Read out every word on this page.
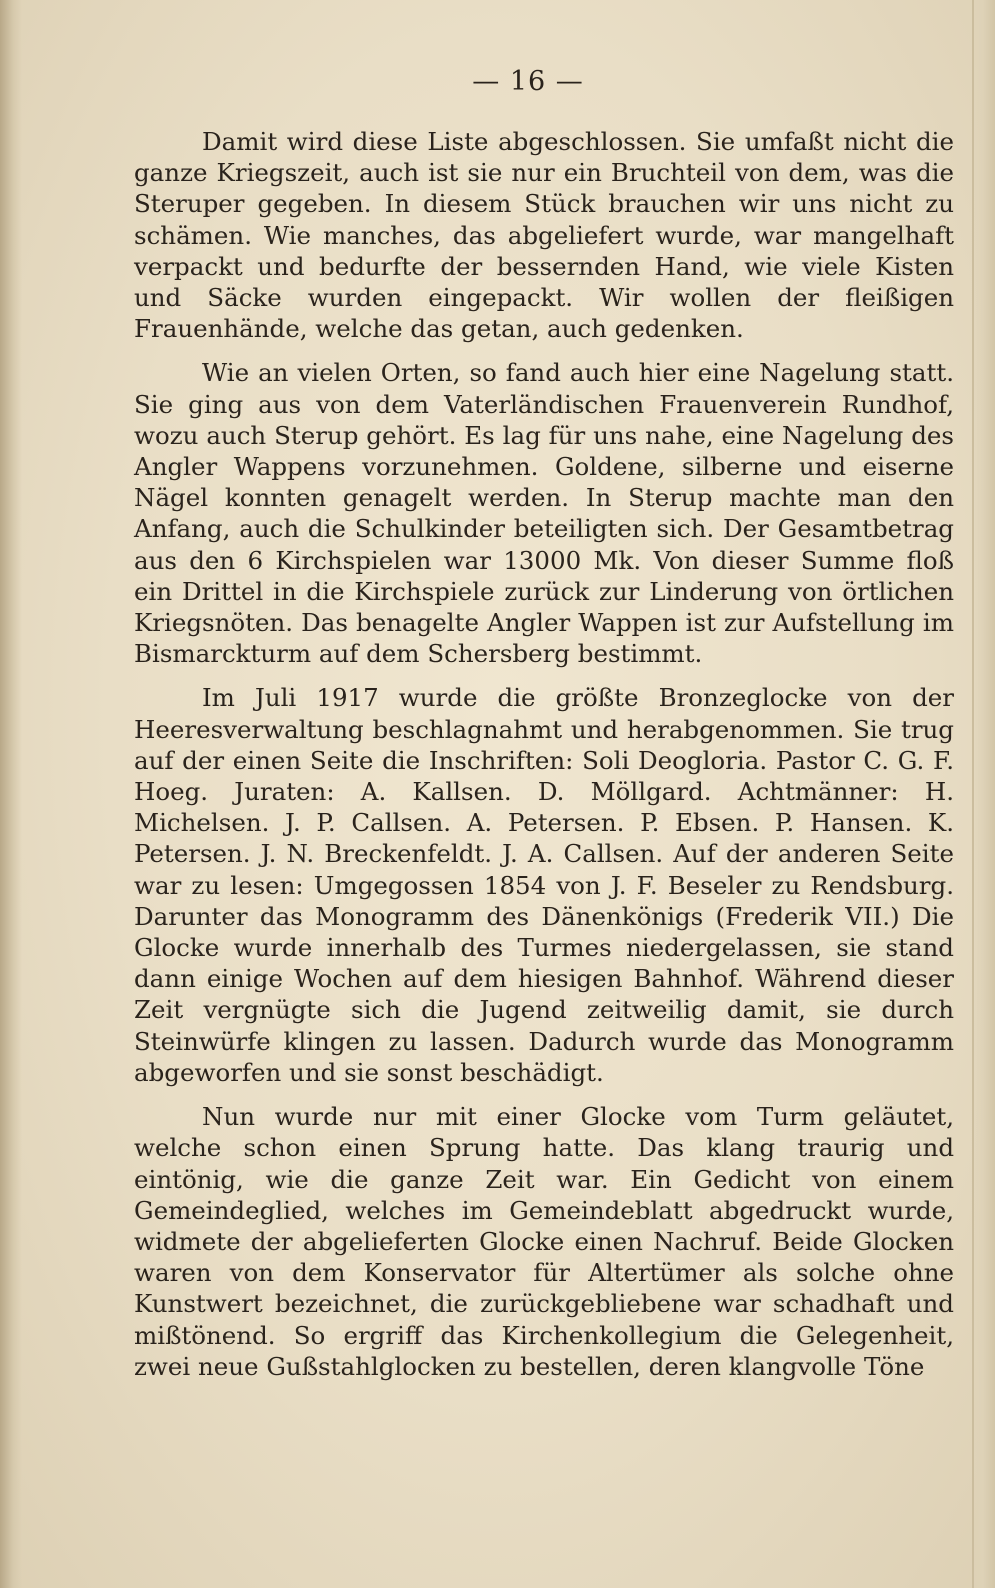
— 16 —

Damit wird diese Liste abgeschlossen. Sie umfaßt nicht die ganze Kriegszeit, auch ist sie nur ein Bruchteil von dem, was die Steruper gegeben. In diesem Stück brauchen wir uns nicht zu schämen. Wie manches, das abgeliefert wurde, war mangelhaft verpackt und bedurfte der bessernden Hand, wie viele Kisten und Säcke wurden eingepackt. Wir wollen der fleißigen Frauenhände, welche das getan, auch gedenken.

Wie an vielen Orten, so fand auch hier eine Nagelung statt. Sie ging aus von dem Vaterländischen Frauenverein Rundhof, wozu auch Sterup gehört. Es lag für uns nahe, eine Nagelung des Angler Wappens vorzunehmen. Goldene, silberne und eiserne Nägel konnten genagelt werden. In Sterup machte man den Anfang, auch die Schulkinder beteiligten sich. Der Gesamtbetrag aus den 6 Kirchspielen war 13000 Mk. Von dieser Summe floß ein Drittel in die Kirchspiele zurück zur Linderung von örtlichen Kriegsnöten. Das benagelte Angler Wappen ist zur Aufstellung im Bismarckturm auf dem Schersberg bestimmt.

Im Juli 1917 wurde die größte Bronzeglocke von der Heeresverwaltung beschlagnahmt und herabgenommen. Sie trug auf der einen Seite die Inschriften: Soli Deogloria. Pastor C. G. F. Hoeg. Juraten: A. Kallsen. D. Möllgard. Achtmänner: H. Michelsen. J. P. Callsen. A. Petersen. P. Ebsen. P. Hansen. K. Petersen. J. N. Breckenfeldt. J. A. Callsen. Auf der anderen Seite war zu lesen: Umgegossen 1854 von J. F. Beseler zu Rendsburg. Darunter das Monogramm des Dänenkönigs (Frederik VII.) Die Glocke wurde innerhalb des Turmes niedergelassen, sie stand dann einige Wochen auf dem hiesigen Bahnhof. Während dieser Zeit vergnügte sich die Jugend zeitweilig damit, sie durch Steinwürfe klingen zu lassen. Dadurch wurde das Monogramm abgeworfen und sie sonst beschädigt.

Nun wurde nur mit einer Glocke vom Turm geläutet, welche schon einen Sprung hatte. Das klang traurig und eintönig, wie die ganze Zeit war. Ein Gedicht von einem Gemeindeglied, welches im Gemeindeblatt abgedruckt wurde, widmete der abgelieferten Glocke einen Nachruf. Beide Glocken waren von dem Konservator für Altertümer als solche ohne Kunstwert bezeichnet, die zurückgebliebene war schadhaft und mißtönend. So ergriff das Kirchenkollegium die Gelegenheit, zwei neue Gußstahlglocken zu bestellen, deren klangvolle Töne
